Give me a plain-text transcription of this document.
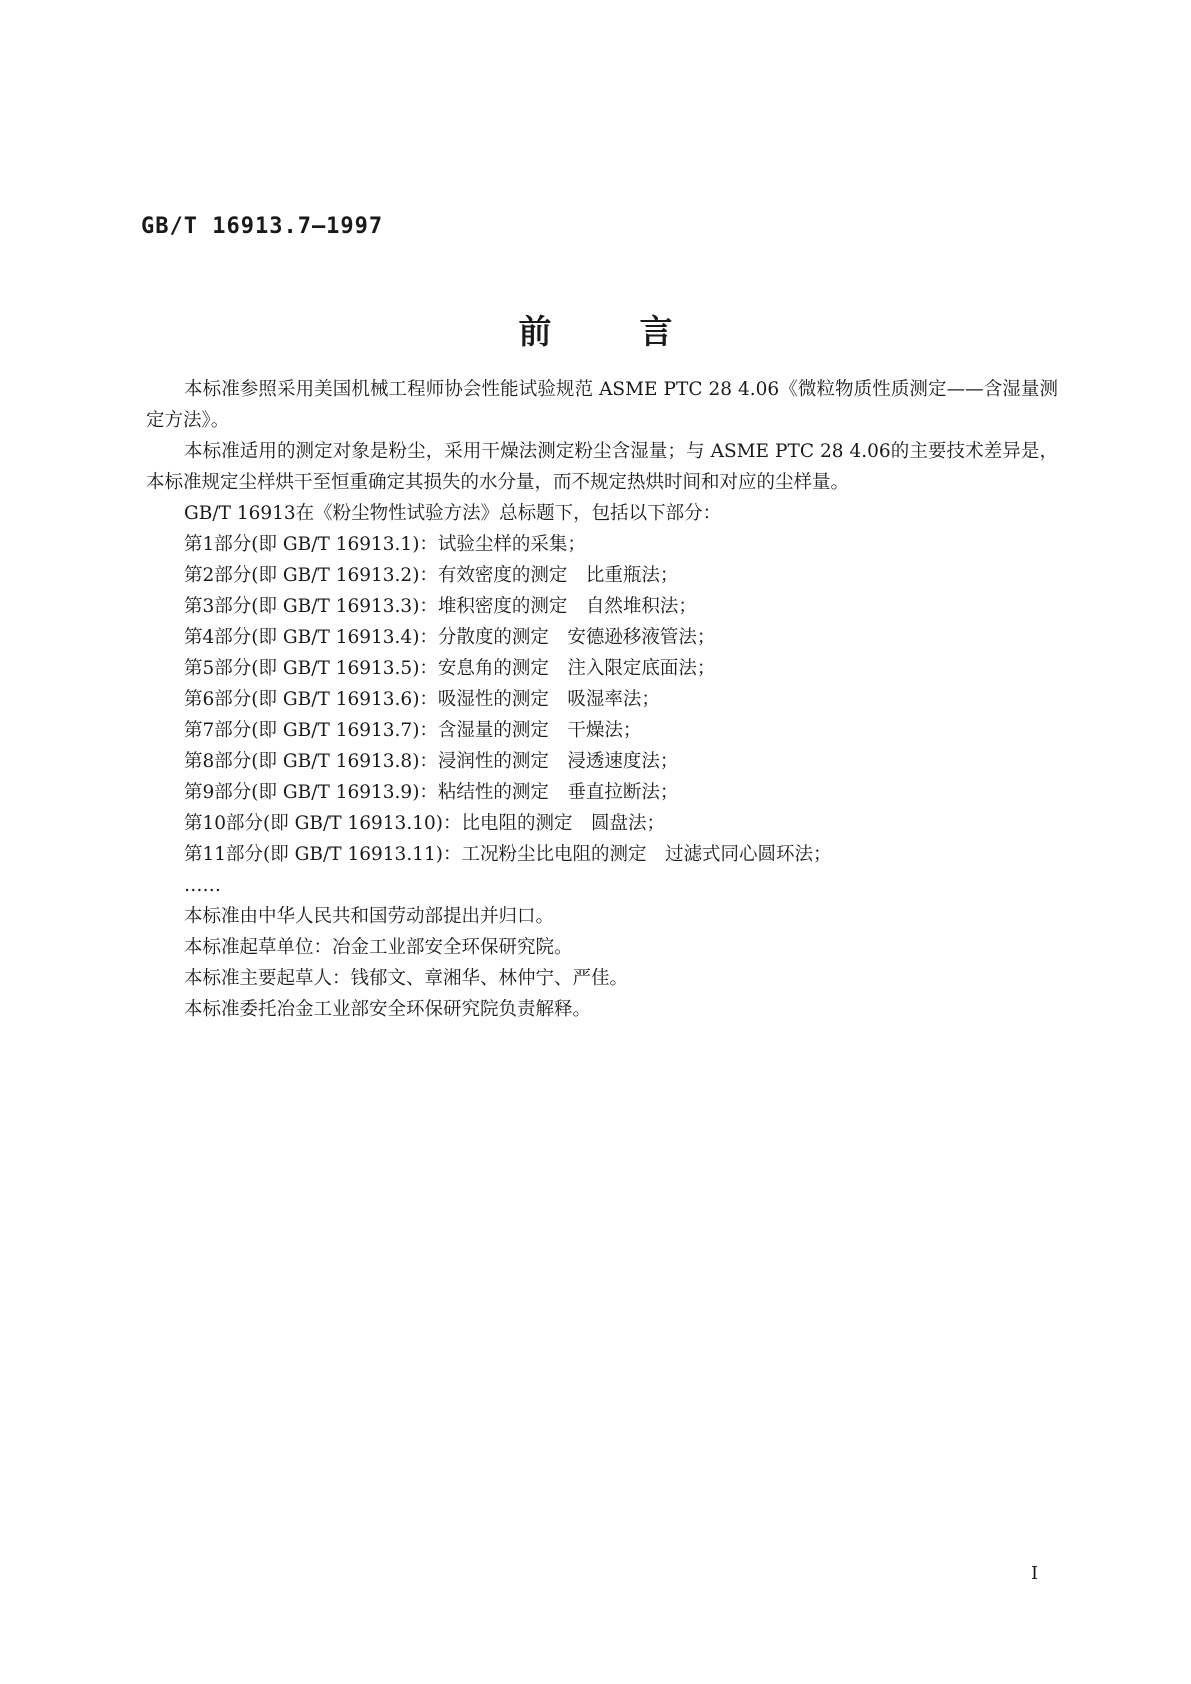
GB/T 16913.7—1997
前言

本标准参照采用美国机械工程师协会性能试验规范 ASME PTC 28 4.06《微粒物质性质测定——含湿量测定方法》。

本标准适用的测定对象是粉尘，采用干燥法测定粉尘含湿量；与 ASME PTC 28 4.06的主要技术差异是，本标准规定尘样烘干至恒重确定其损失的水分量，而不规定热烘时间和对应的尘样量。

GB/T 16913在《粉尘物性试验方法》总标题下，包括以下部分：

第1部分(即 GB/T 16913.1)：试验尘样的采集；

第2部分(即 GB/T 16913.2)：有效密度的测定　比重瓶法；

第3部分(即 GB/T 16913.3)：堆积密度的测定　自然堆积法；

第4部分(即 GB/T 16913.4)：分散度的测定　安德逊移液管法；

第5部分(即 GB/T 16913.5)：安息角的测定　注入限定底面法；

第6部分(即 GB/T 16913.6)：吸湿性的测定　吸湿率法；

第7部分(即 GB/T 16913.7)：含湿量的测定　干燥法；

第8部分(即 GB/T 16913.8)：浸润性的测定　浸透速度法；

第9部分(即 GB/T 16913.9)：粘结性的测定　垂直拉断法；

第10部分(即 GB/T 16913.10)：比电阻的测定　圆盘法；

第11部分(即 GB/T 16913.11)：工况粉尘比电阻的测定　过滤式同心圆环法；

……

本标准由中华人民共和国劳动部提出并归口。

本标准起草单位：冶金工业部安全环保研究院。

本标准主要起草人：钱郁文、章湘华、林仲宁、严佳。

本标准委托冶金工业部安全环保研究院负责解释。

I
